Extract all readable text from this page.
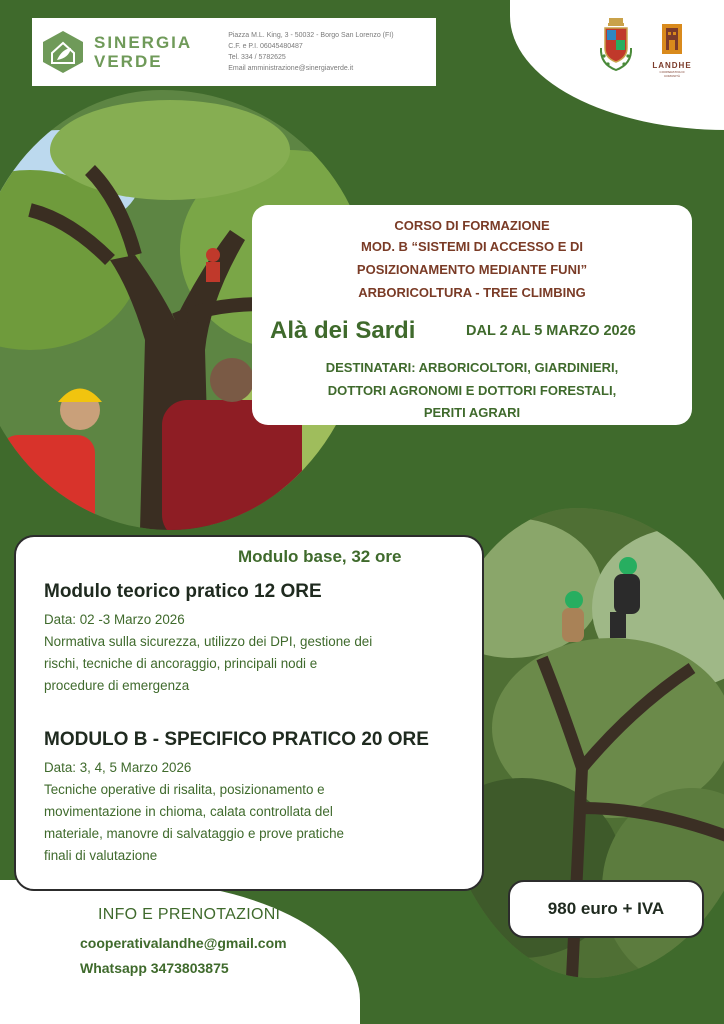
SINERGIA
VERDE
Piazza M.L. King, 3 - 50032 - Borgo San Lorenzo (FI)
C.F. e P.I. 06045480487
Tel. 334 / 5782625
Email amministrazione@sinergiaverde.it	LANDHE
COOPERATIVA DI COMUNITÀ
CORSO DI FORMAZIONE
MOD. B “SISTEMI DI ACCESSO E DI
POSIZIONAMENTO MEDIANTE FUNI”
ARBORICOLTURA - TREE CLIMBING
Alà dei Sardi	DAL 2 AL 5 MARZO 2026
DESTINATARI: ARBORICOLTORI, GIARDINIERI,
DOTTORI AGRONOMI E DOTTORI FORESTALI,
PERITI AGRARI
Modulo base, 32 ore
Modulo teorico pratico 12 ORE
Data: 02 -3 Marzo 2026
Normativa sulla sicurezza, utilizzo dei DPI, gestione dei
rischi, tecniche di ancoraggio, principali nodi e
procedure di emergenza
MODULO B - SPECIFICO PRATICO 20 ORE
Data: 3, 4, 5 Marzo 2026
Tecniche operative di risalita, posizionamento e
movimentazione in chioma, calata controllata del
materiale, manovre di salvataggio e prove pratiche
finali di valutazione
980 euro + IVA
INFO E PRENOTAZIONI
cooperativalandhe@gmail.com
Whatsapp 3473803875
